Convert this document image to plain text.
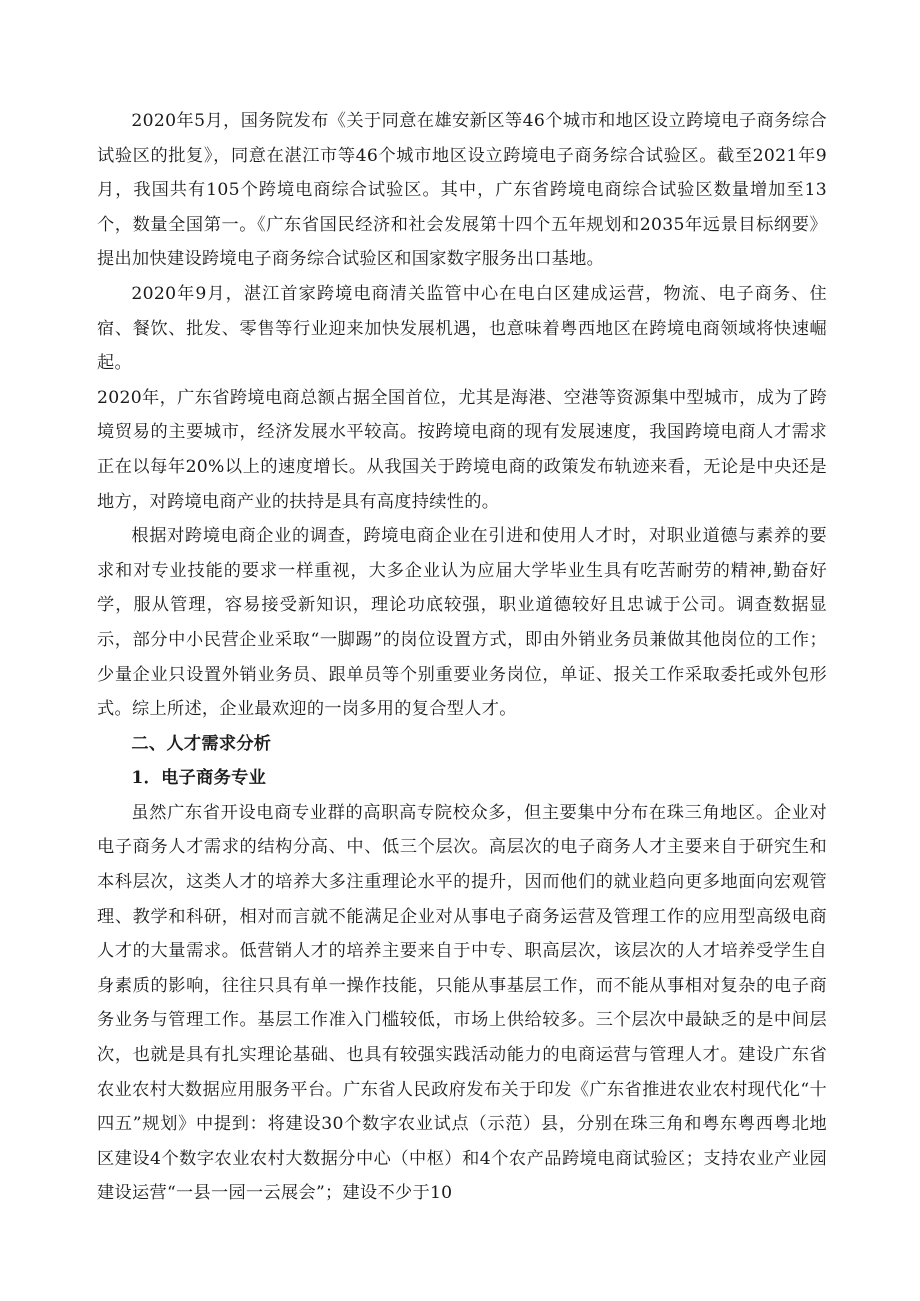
2020年5月，国务院发布《关于同意在雄安新区等46个城市和地区设立跨境电子商务综合试验区的批复》，同意在湛江市等46个城市地区设立跨境电子商务综合试验区。截至2021年9月，我国共有105个跨境电商综合试验区。其中，广东省跨境电商综合试验区数量增加至13个，数量全国第一。《广东省国民经济和社会发展第十四个五年规划和2035年远景目标纲要》提出加快建设跨境电子商务综合试验区和国家数字服务出口基地。

2020年9月，湛江首家跨境电商清关监管中心在电白区建成运营，物流、电子商务、住宿、餐饮、批发、零售等行业迎来加快发展机遇，也意味着粤西地区在跨境电商领域将快速崛起。

2020年，广东省跨境电商总额占据全国首位，尤其是海港、空港等资源集中型城市，成为了跨境贸易的主要城市，经济发展水平较高。按跨境电商的现有发展速度，我国跨境电商人才需求正在以每年20%以上的速度增长。从我国关于跨境电商的政策发布轨迹来看，无论是中央还是地方，对跨境电商产业的扶持是具有高度持续性的。

根据对跨境电商企业的调查，跨境电商企业在引进和使用人才时，对职业道德与素养的要求和对专业技能的要求一样重视，大多企业认为应届大学毕业生具有吃苦耐劳的精神,勤奋好学，服从管理，容易接受新知识，理论功底较强，职业道德较好且忠诚于公司。调查数据显示，部分中小民营企业采取“一脚踢”的岗位设置方式，即由外销业务员兼做其他岗位的工作；少量企业只设置外销业务员、跟单员等个别重要业务岗位，单证、报关工作采取委托或外包形式。综上所述，企业最欢迎的一岗多用的复合型人才。

二、人才需求分析
1．电子商务专业

虽然广东省开设电商专业群的高职高专院校众多，但主要集中分布在珠三角地区。企业对电子商务人才需求的结构分高、中、低三个层次。高层次的电子商务人才主要来自于研究生和本科层次，这类人才的培养大多注重理论水平的提升，因而他们的就业趋向更多地面向宏观管理、教学和科研，相对而言就不能满足企业对从事电子商务运营及管理工作的应用型高级电商人才的大量需求。低营销人才的培养主要来自于中专、职高层次，该层次的人才培养受学生自身素质的影响，往往只具有单一操作技能，只能从事基层工作，而不能从事相对复杂的电子商务业务与管理工作。基层工作准入门槛较低，市场上供给较多。三个层次中最缺乏的是中间层次，也就是具有扎实理论基础、也具有较强实践活动能力的电商运营与管理人才。建设广东省农业农村大数据应用服务平台。广东省人民政府发布关于印发《广东省推进农业农村现代化“十四五”规划》中提到：将建设30个数字农业试点（示范）县，分别在珠三角和粤东粤西粤北地区建设4个数字农业农村大数据分中心（中枢）和4个农产品跨境电商试验区；支持农业产业园建设运营“一县一园一云展会”；建设不少于10
